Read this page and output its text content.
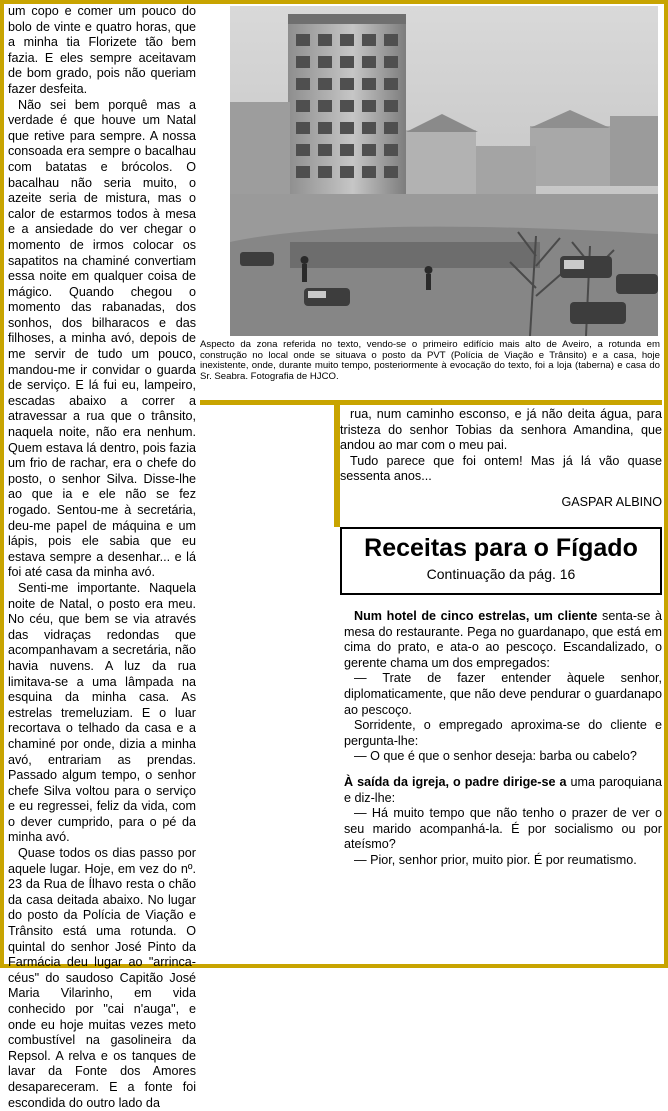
um copo e comer um pouco do bolo de vinte e quatro horas, que a minha tia Florizete tão bem fazia. E eles sempre aceitavam de bom grado, pois não queriam fazer desfeita.

Não sei bem porquê mas a verdade é que houve um Natal que retive para sempre. A nossa consoada era sempre o bacalhau com batatas e brócolos. O bacalhau não seria muito, o azeite seria de mistura, mas o calor de estarmos todos à mesa e a ansiedade do ver chegar o momento de irmos colocar os sapatitos na chaminé convertiam essa noite em qualquer coisa de mágico. Quando chegou o momento das rabanadas, dos sonhos, dos bilharacos e das filhoses, a minha avó, depois de me servir de tudo um pouco, mandou-me ir convidar o guarda de serviço. E lá fui eu, lampeiro, escadas abaixo a correr a atravessar a rua que o trânsito, naquela noite, não era nenhum. Quem estava lá dentro, pois fazia um frio de rachar, era o chefe do posto, o senhor Silva. Disse-lhe ao que ia e ele não se fez rogado. Sentou-me à secretária, deu-me papel de máquina e um lápis, pois ele sabia que eu estava sempre a desenhar... e lá foi até casa da minha avó.

Senti-me importante. Naquela noite de Natal, o posto era meu. No céu, que bem se via através das vidraças redondas que acompanhavam a secretária, não havia nuvens. A luz da rua limitava-se a uma lâmpada na esquina da minha casa. As estrelas tremeluziam. E o luar recortava o telhado da casa e a chaminé por onde, dizia a minha avó, entrariam as prendas. Passado algum tempo, o senhor chefe Silva voltou para o serviço e eu regressei, feliz da vida, com o dever cumprido, para o pé da minha avó.

Quase todos os dias passo por aquele lugar. Hoje, em vez do nº. 23 da Rua de Ílhavo resta o chão da casa deitada abaixo. No lugar do posto da Polícia de Viação e Trânsito está uma rotunda. O quintal do senhor José Pinto da Farmácia deu lugar ao "arrinca-céus" do saudoso Capitão José Maria Vilarinho, em vida conhecido por "cai n'auga", e onde eu hoje muitas vezes meto combustível na gasolineira da Repsol. A relva e os tanques de lavar da Fonte dos Amores desapareceram. E a fonte foi escondida do outro lado da

Aspecto da zona referida no texto, vendo-se o primeiro edifício mais alto de Aveiro, a rotunda em construção no local onde se situava o posto da PVT (Polícia de Viação e Trânsito) e a casa, hoje inexistente, onde, durante muito tempo, posteriormente à evocação do texto, foi a loja (taberna) e casa do Sr. Seabra. Fotografia de HJCO.

rua, num caminho esconso, e já não deita água, para tristeza do senhor Tobias da senhora Amandina, que andou ao mar com o meu pai.

Tudo parece que foi ontem! Mas já lá vão quase sessenta anos...

GASPAR ALBINO
Receitas para o Fígado
Continuação da pág. 16

Num hotel de cinco estrelas, um cliente senta-se à mesa do restaurante. Pega no guardanapo, que está em cima do prato, e ata-o ao pescoço. Escandalizado, o gerente chama um dos empregados:

— Trate de fazer entender àquele senhor, diplomaticamente, que não deve pendurar o guardanapo ao pescoço.

Sorridente, o empregado aproxima-se do cliente e pergunta-lhe:

— O que é que o senhor deseja: barba ou cabelo?

À saída da igreja, o padre dirige-se a uma paroquiana e diz-lhe:

— Há muito tempo que não tenho o prazer de ver o seu marido acompanhá-la. É por socialismo ou por ateísmo?

— Pior, senhor prior, muito pior. É por reumatismo.
